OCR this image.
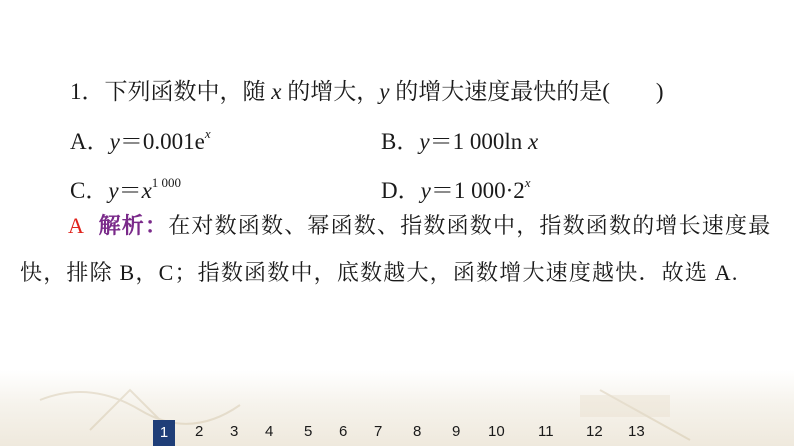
1．下列函数中，随 x 的增大，y 的增大速度最快的是(　　)
A．$y=0.001e^x$	B．y＝1 000ln x
C．$y=x^{1 000}$	D．y＝1 $000\cdot 2^x$
A 解析：在对数函数、幂函数、指数函数中，指数函数的增长速度最快，排除 B，C；指数函数中，底数越大，函数增大速度越快．故选 A.
1	2 3 4 5 6 7 8 9 10 11 12 13
